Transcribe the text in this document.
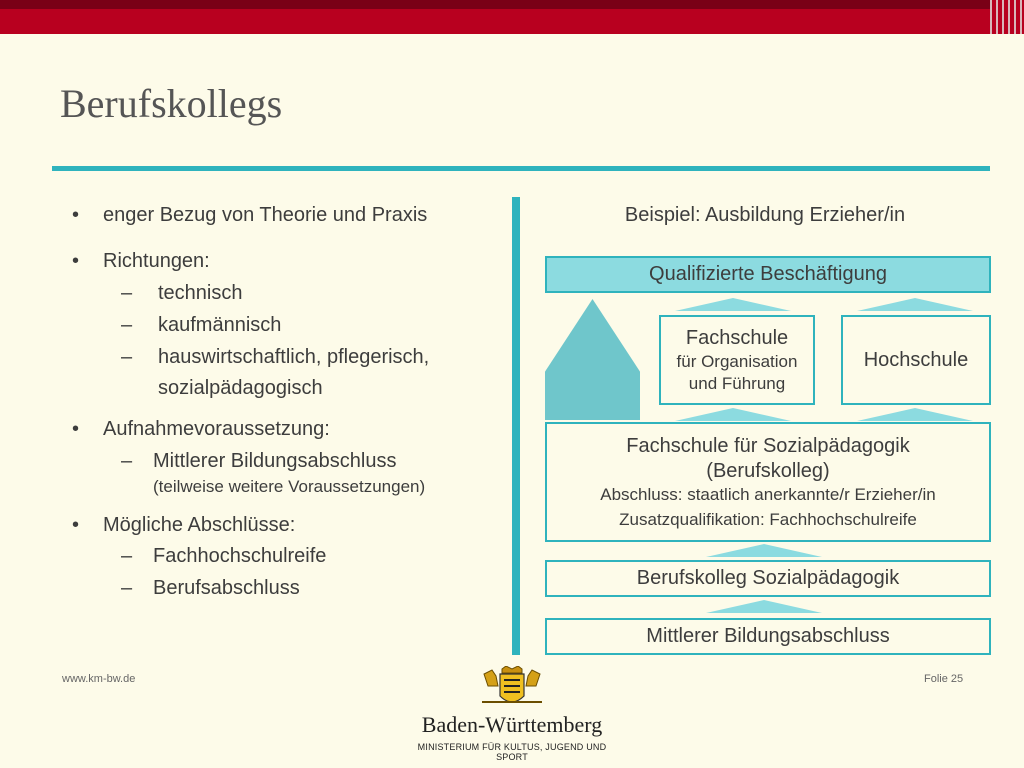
Berufskollegs
• enger Bezug von Theorie und Praxis
• Richtungen:
– technisch
– kaufmännisch
– hauswirtschaftlich, pflegerisch,
sozialpädagogisch
• Aufnahmevoraussetzung:
– Mittlerer Bildungsabschluss
(teilweise weitere Voraussetzungen)
• Mögliche Abschlüsse:
– Fachhochschulreife
– Berufsabschluss
Beispiel: Ausbildung Erzieher/in
Qualifizierte Beschäftigung
Fachschule
für Organisation
und Führung
Hochschule
Fachschule für Sozialpädagogik
(Berufskolleg)
Abschluss: staatlich anerkannte/r Erzieher/in
Zusatzqualifikation: Fachhochschulreife
Berufskolleg Sozialpädagogik
Mittlerer Bildungsabschluss
www.km-bw.de	Folie 25
Baden-Württemberg
MINISTERIUM FÜR KULTUS, JUGEND UND SPORT
